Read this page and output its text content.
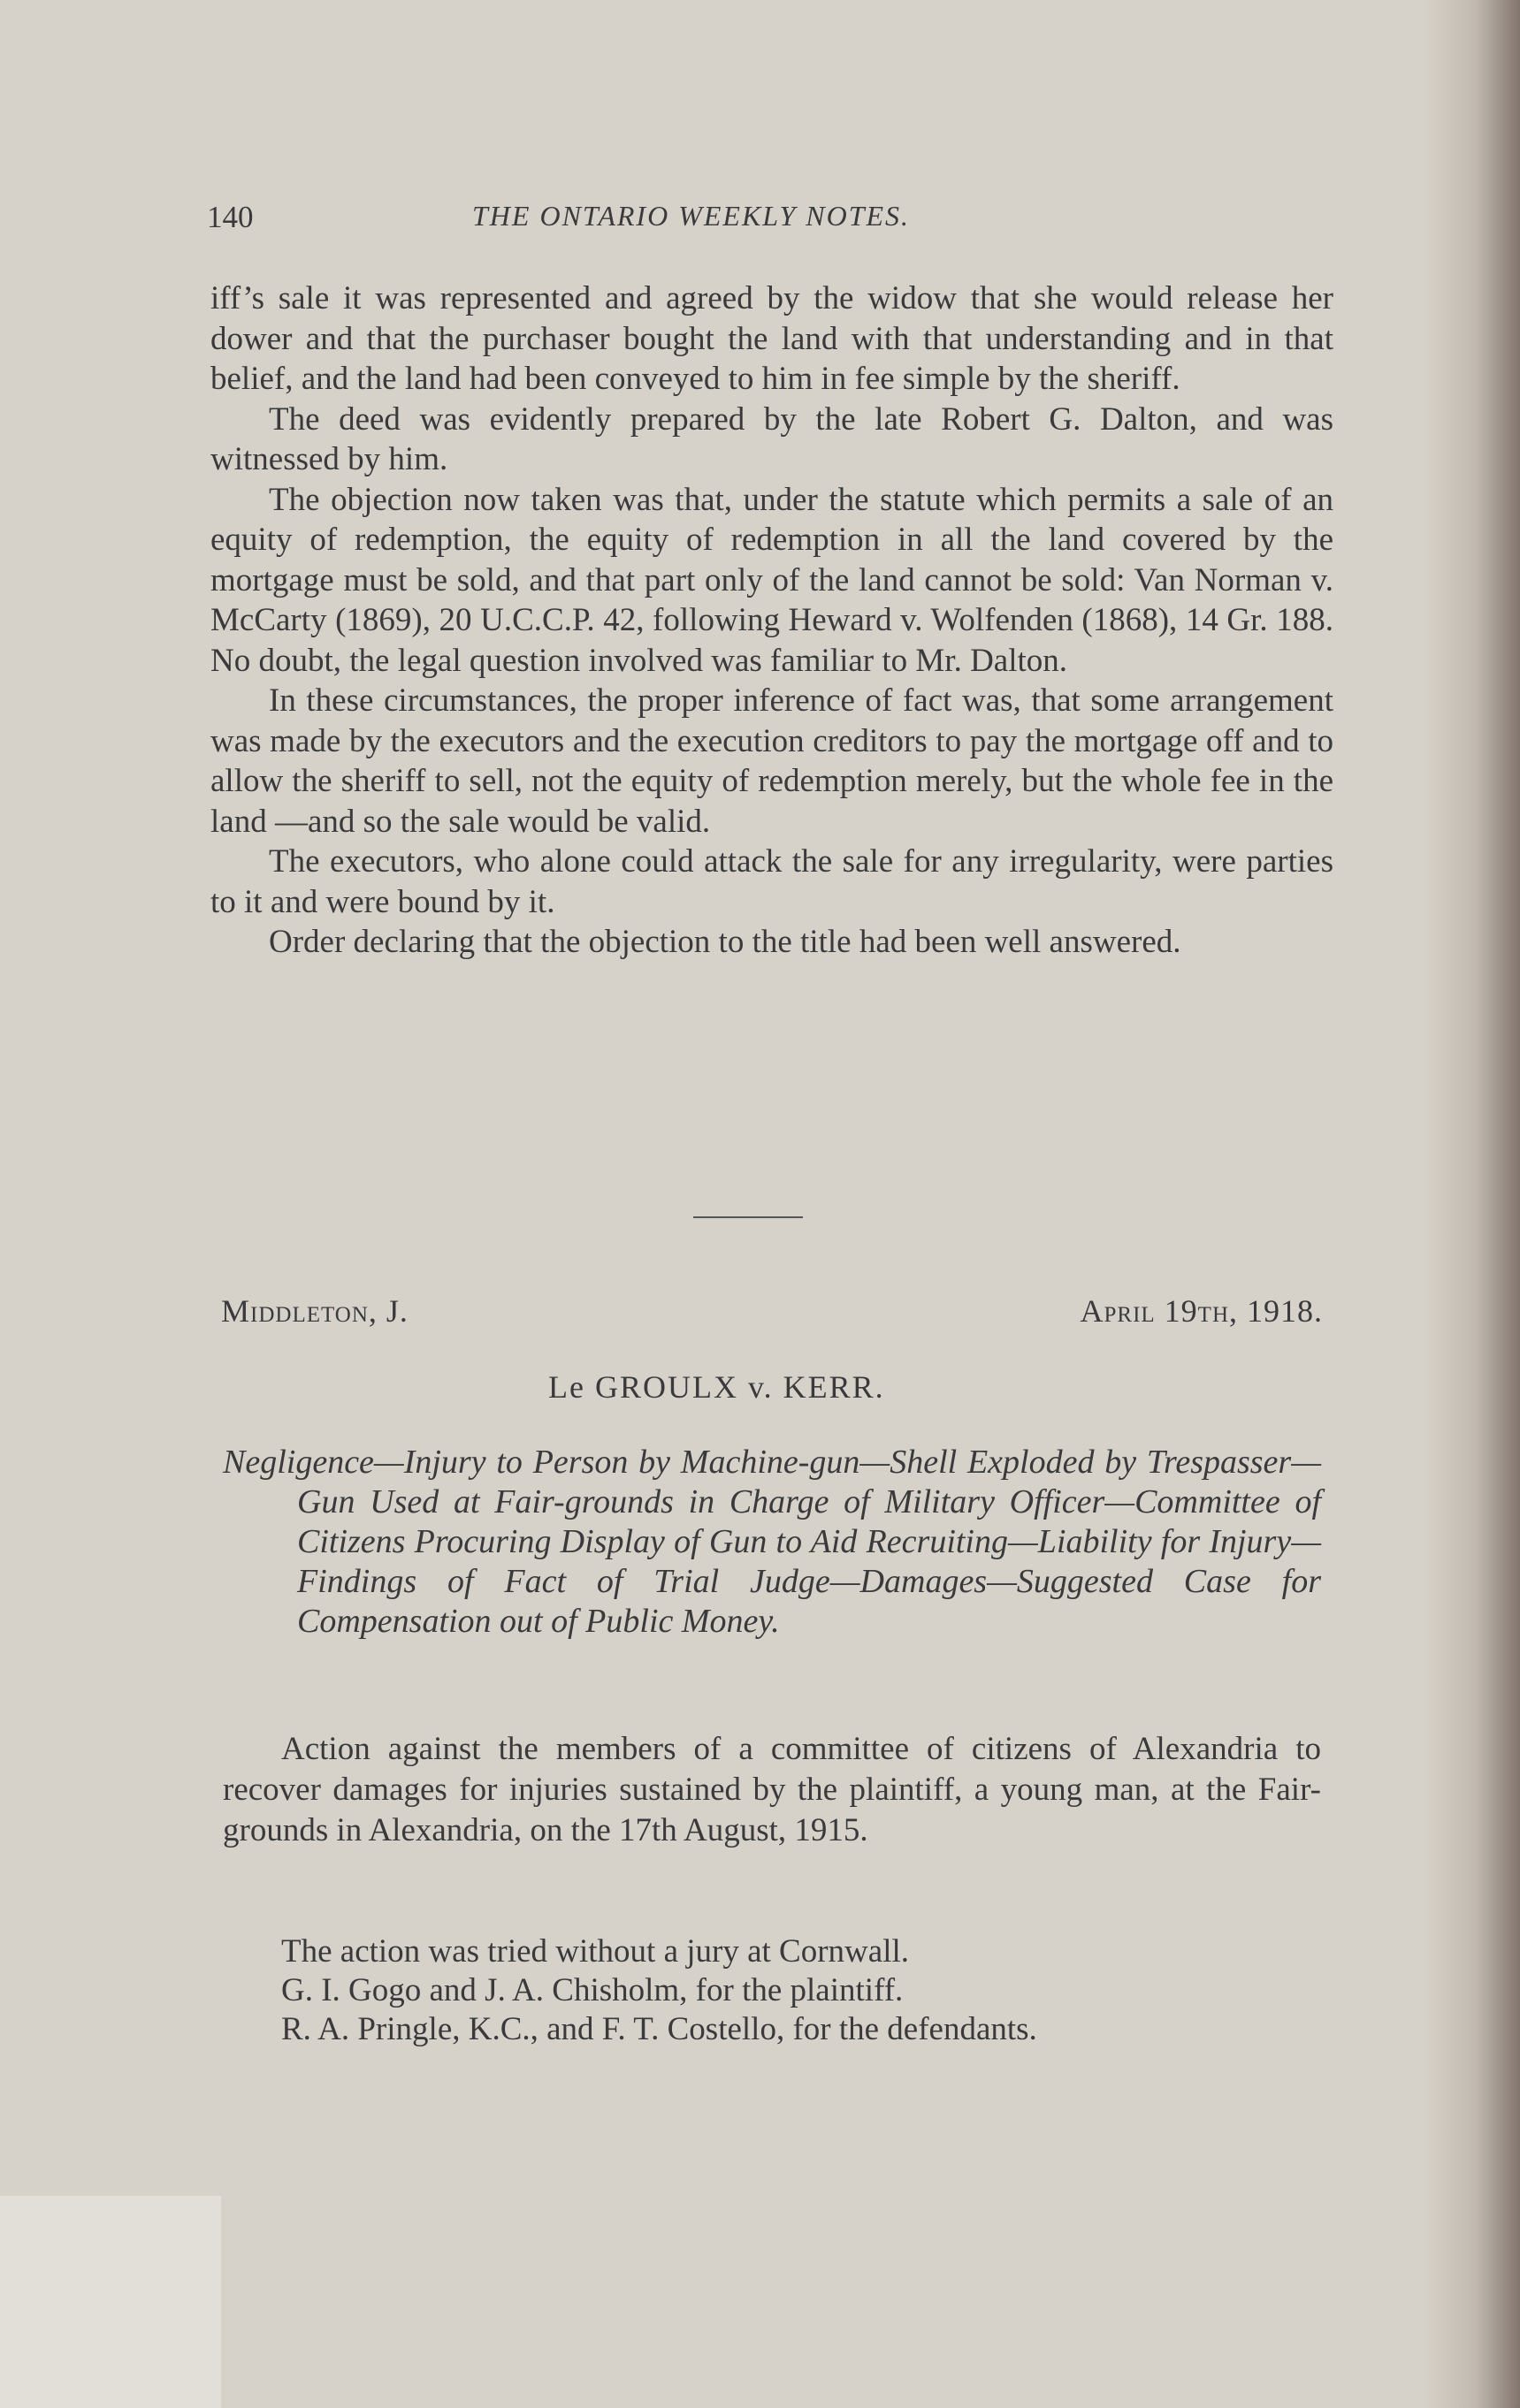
140	THE ONTARIO WEEKLY NOTES.

iff’s sale it was represented and agreed by the widow that she would release her dower and that the purchaser bought the land with that understanding and in that belief, and the land had been conveyed to him in fee simple by the sheriff.

The deed was evidently prepared by the late Robert G. Dalton, and was witnessed by him.

The objection now taken was that, under the statute which permits a sale of an equity of redemption, the equity of redemption in all the land covered by the mortgage must be sold, and that part only of the land cannot be sold: Van Norman v. McCarty (1869), 20 U.C.C.P. 42, following Heward v. Wolfenden (1868), 14 Gr. 188. No doubt, the legal question involved was familiar to Mr. Dalton.

In these circumstances, the proper inference of fact was, that some arrangement was made by the executors and the execution creditors to pay the mortgage off and to allow the sheriff to sell, not the equity of redemption merely, but the whole fee in the land —and so the sale would be valid.

The executors, who alone could attack the sale for any irregularity, were parties to it and were bound by it.

Order declaring that the objection to the title had been well answered.

Middleton, J.	April 19th, 1918.
Le GROULX v. KERR.
Negligence—Injury to Person by Machine-gun—Shell Exploded by Trespasser—Gun Used at Fair-grounds in Charge of Military Officer—Committee of Citizens Procuring Display of Gun to Aid Recruiting—Liability for Injury—Findings of Fact of Trial Judge—Damages—Suggested Case for Compensation out of Public Money.

Action against the members of a committee of citizens of Alexandria to recover damages for injuries sustained by the plaintiff, a young man, at the Fair-grounds in Alexandria, on the 17th August, 1915.

The action was tried without a jury at Cornwall.

G. I. Gogo and J. A. Chisholm, for the plaintiff.

R. A. Pringle, K.C., and F. T. Costello, for the defendants.
